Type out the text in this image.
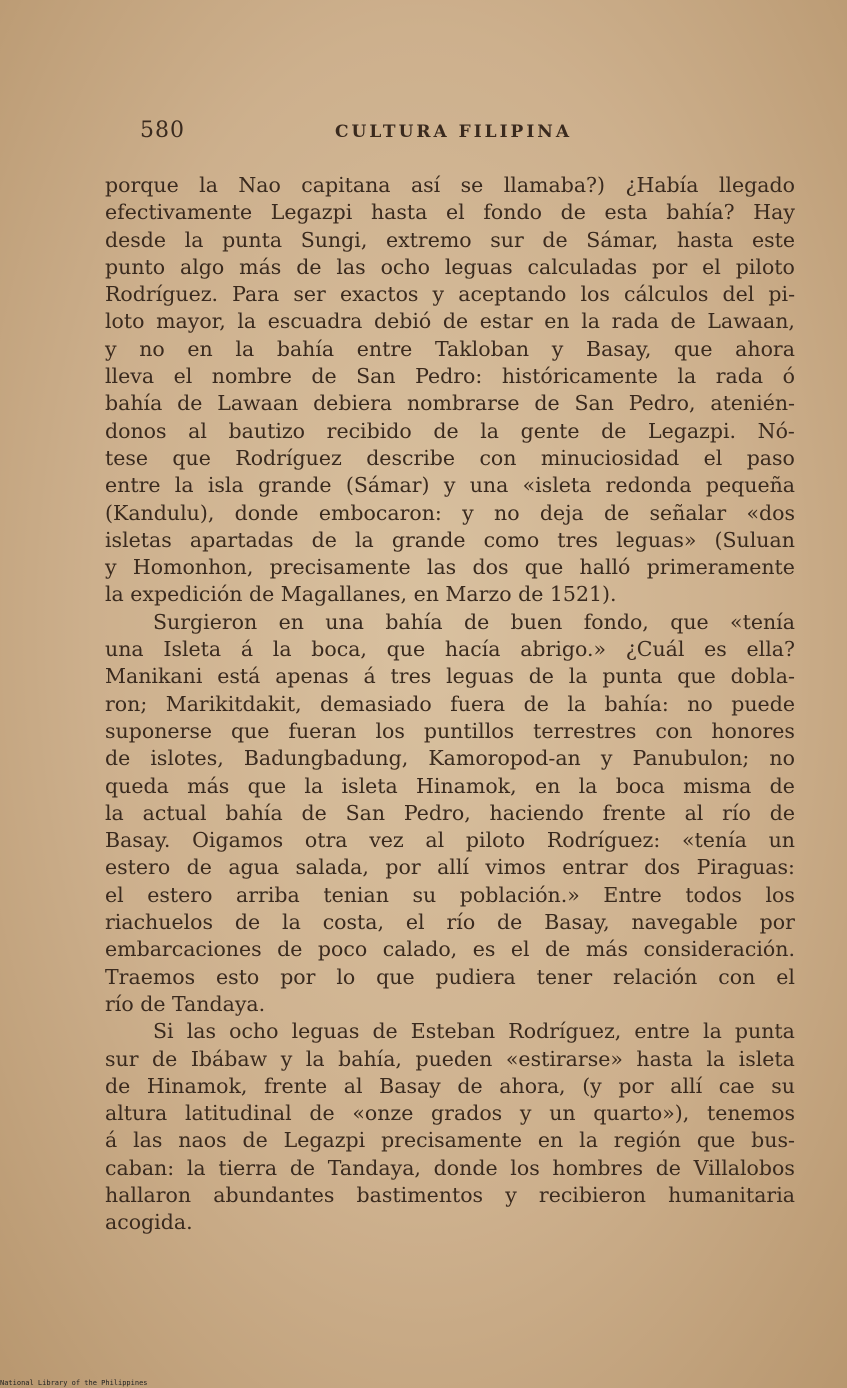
580	CULTURA FILIPINA
porque la Nao capitana así se llamaba?) ¿Había llegado
efectivamente Legazpi hasta el fondo de esta bahía? Hay
desde la punta Sungi, extremo sur de Sámar, hasta este
punto algo más de las ocho leguas calculadas por el piloto
Rodríguez. Para ser exactos y aceptando los cálculos del pi-
loto mayor, la escuadra debió de estar en la rada de Lawaan,
y no en la bahía entre Takloban y Basay, que ahora
lleva el nombre de San Pedro: históricamente la rada ó
bahía de Lawaan debiera nombrarse de San Pedro, atenién-
donos al bautizo recibido de la gente de Legazpi. Nó-
tese que Rodríguez describe con minuciosidad el paso
entre la isla grande (Sámar) y una «isleta redonda pequeña
(Kandulu), donde embocaron: y no deja de señalar «dos
isletas apartadas de la grande como tres leguas» (Suluan
y Homonhon, precisamente las dos que halló primeramente
la expedición de Magallanes, en Marzo de 1521).
Surgieron en una bahía de buen fondo, que «tenía
una Isleta á la boca, que hacía abrigo.» ¿Cuál es ella?
Manikani está apenas á tres leguas de la punta que dobla-
ron; Marikitdakit, demasiado fuera de la bahía: no puede
suponerse que fueran los puntillos terrestres con honores
de islotes, Badungbadung, Kamoropod-an y Panubulon; no
queda más que la isleta Hinamok, en la boca misma de
la actual bahía de San Pedro, haciendo frente al río de
Basay. Oigamos otra vez al piloto Rodríguez: «tenía un
estero de agua salada, por allí vimos entrar dos Piraguas:
el estero arriba tenian su población.» Entre todos los
riachuelos de la costa, el río de Basay, navegable por
embarcaciones de poco calado, es el de más consideración.
Traemos esto por lo que pudiera tener relación con el
río de Tandaya.
Si las ocho leguas de Esteban Rodríguez, entre la punta
sur de Ibábaw y la bahía, pueden «estirarse» hasta la isleta
de Hinamok, frente al Basay de ahora, (y por allí cae su
altura latitudinal de «onze grados y un quarto»), tenemos
á las naos de Legazpi precisamente en la región que bus-
caban: la tierra de Tandaya, donde los hombres de Villalobos
hallaron abundantes bastimentos y recibieron humanitaria
acogida.
National Library of the Philippines
